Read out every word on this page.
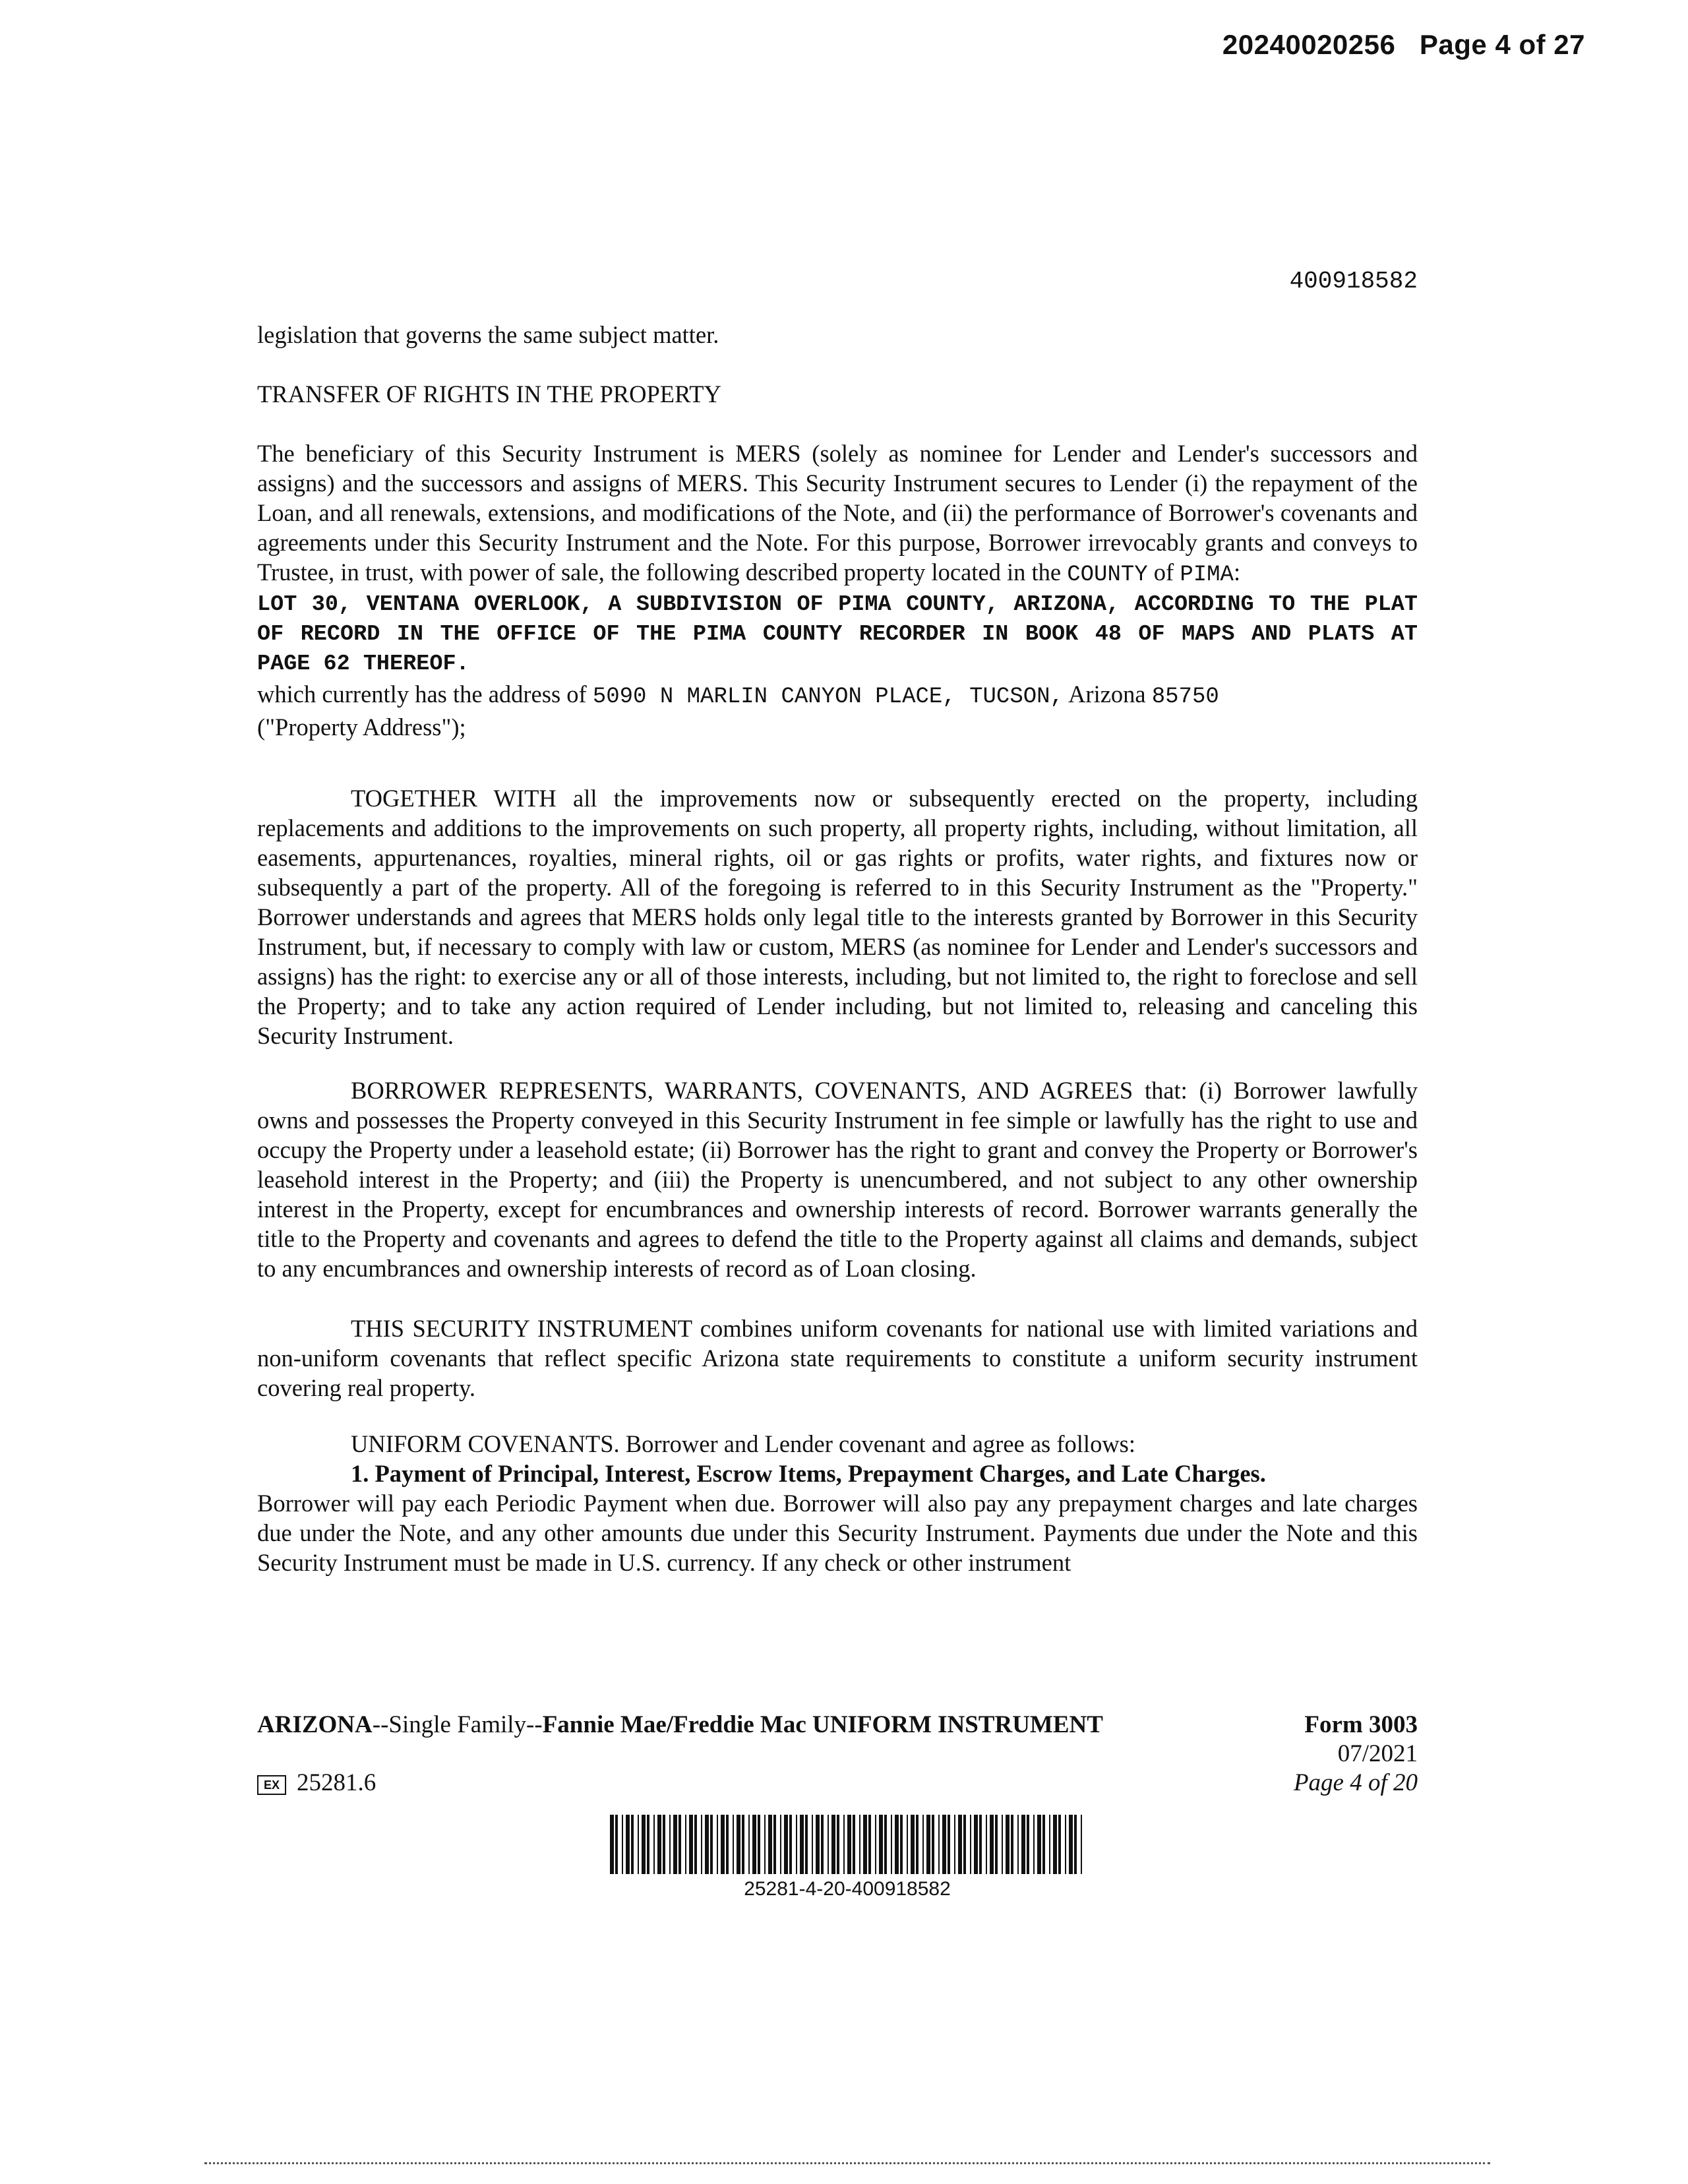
20240020256 Page 4 of 27
400918582

legislation that governs the same subject matter.

TRANSFER OF RIGHTS IN THE PROPERTY

The beneficiary of this Security Instrument is MERS (solely as nominee for Lender and Lender's successors and assigns) and the successors and assigns of MERS. This Security Instrument secures to Lender (i) the repayment of the Loan, and all renewals, extensions, and modifications of the Note, and (ii) the performance of Borrower's covenants and agreements under this Security Instrument and the Note. For this purpose, Borrower irrevocably grants and conveys to Trustee, in trust, with power of sale, the following described property located in the COUNTY of PIMA:

LOT 30, VENTANA OVERLOOK, A SUBDIVISION OF PIMA COUNTY, ARIZONA, ACCORDING TO THE PLAT OF RECORD IN THE OFFICE OF THE PIMA COUNTY RECORDER IN BOOK 48 OF MAPS AND PLATS AT PAGE 62 THEREOF.

which currently has the address of 5090 N MARLIN CANYON PLACE, TUCSON, Arizona 85750

("Property Address");

TOGETHER WITH all the improvements now or subsequently erected on the property, including replacements and additions to the improvements on such property, all property rights, including, without limitation, all easements, appurtenances, royalties, mineral rights, oil or gas rights or profits, water rights, and fixtures now or subsequently a part of the property. All of the foregoing is referred to in this Security Instrument as the "Property." Borrower understands and agrees that MERS holds only legal title to the interests granted by Borrower in this Security Instrument, but, if necessary to comply with law or custom, MERS (as nominee for Lender and Lender's successors and assigns) has the right: to exercise any or all of those interests, including, but not limited to, the right to foreclose and sell the Property; and to take any action required of Lender including, but not limited to, releasing and canceling this Security Instrument.

BORROWER REPRESENTS, WARRANTS, COVENANTS, AND AGREES that: (i) Borrower lawfully owns and possesses the Property conveyed in this Security Instrument in fee simple or lawfully has the right to use and occupy the Property under a leasehold estate; (ii) Borrower has the right to grant and convey the Property or Borrower's leasehold interest in the Property; and (iii) the Property is unencumbered, and not subject to any other ownership interest in the Property, except for encumbrances and ownership interests of record. Borrower warrants generally the title to the Property and covenants and agrees to defend the title to the Property against all claims and demands, subject to any encumbrances and ownership interests of record as of Loan closing.

THIS SECURITY INSTRUMENT combines uniform covenants for national use with limited variations and non-uniform covenants that reflect specific Arizona state requirements to constitute a uniform security instrument covering real property.

UNIFORM COVENANTS. Borrower and Lender covenant and agree as follows:

1. Payment of Principal, Interest, Escrow Items, Prepayment Charges, and Late Charges.

Borrower will pay each Periodic Payment when due. Borrower will also pay any prepayment charges and late charges due under the Note, and any other amounts due under this Security Instrument. Payments due under the Note and this Security Instrument must be made in U.S. currency. If any check or other instrument

ARIZONA--Single Family--Fannie Mae/Freddie Mac UNIFORM INSTRUMENT
EX 25281.6
Form 3003
07/2021
Page 4 of 20
25281-4-20-400918582
